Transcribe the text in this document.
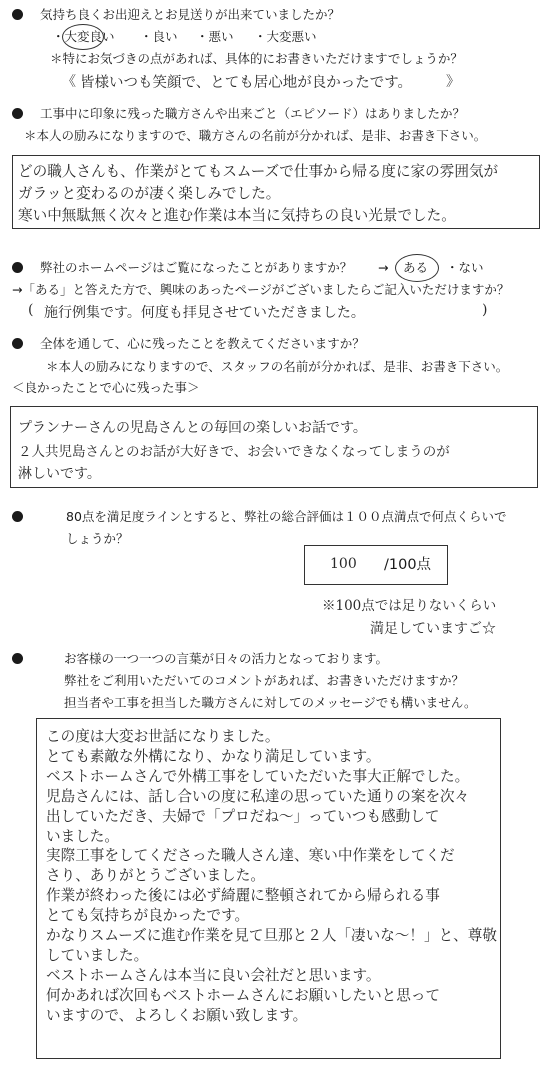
気持ち良くお出迎えとお見送りが出来ていましたか？
・大変良い ・良い ・悪い ・大変悪い
＊特にお気づきの点があれば、具体的にお書きいただけますでしょうか？
《 皆様いつも笑顔で、とても居心地が良かったです。 》
工事中に印象に残った職方さんや出来ごと（エピソード）はありましたか？
＊本人の励みになりますので、職方さんの名前が分かれば、是非、お書き下さい。
どの職人さんも、作業がとてもスムーズで仕事から帰る度に家の雰囲気が
ガラッと変わるのが凄く楽しみでした。
寒い中無駄無く次々と進む作業は本当に気持ちの良い光景でした。
弊社のホームページはご覧になったことがありますか？ → ある ・ない
→「ある」と答えた方で、興味のあったページがございましたらご記入いただけますか？
( 施行例集です。何度も拝見させていただきました。	)
全体を通して、心に残ったことを教えてくださいますか？
＊本人の励みになりますので、スタッフの名前が分かれば、是非、お書き下さい。
＜良かったことで心に残った事＞
プランナーさんの児島さんとの毎回の楽しいお話です。
２人共児島さんとのお話が大好きで、お会いできなくなってしまうのが
淋しいです。
80点を満足度ラインとすると、弊社の総合評価は１００点満点で何点くらいで
しょうか？
100 /100点
※100点では足りないくらい
満足していますご☆
お客様の一つ一つの言葉が日々の活力となっております。
弊社をご利用いただいてのコメントがあれば、お書きいただけますか？
担当者や工事を担当した職方さんに対してのメッセージでも構いません。
この度は大変お世話になりました。
とても素敵な外構になり、かなり満足しています。
ベストホームさんで外構工事をしていただいた事大正解でした。
児島さんには、話し合いの度に私達の思っていた通りの案を次々
出していただき、夫婦で「プロだね〜」っていつも感動して
いました。
実際工事をしてくださった職人さん達、寒い中作業をしてくだ
さり、ありがとうございました。
作業が終わった後には必ず綺麗に整頓されてから帰られる事
とても気持ちが良かったです。
かなりスムーズに進む作業を見て旦那と２人「凄いな〜！」と、尊敬
していました。
ベストホームさんは本当に良い会社だと思います。
何かあれば次回もベストホームさんにお願いしたいと思って
いますので、よろしくお願い致します。
